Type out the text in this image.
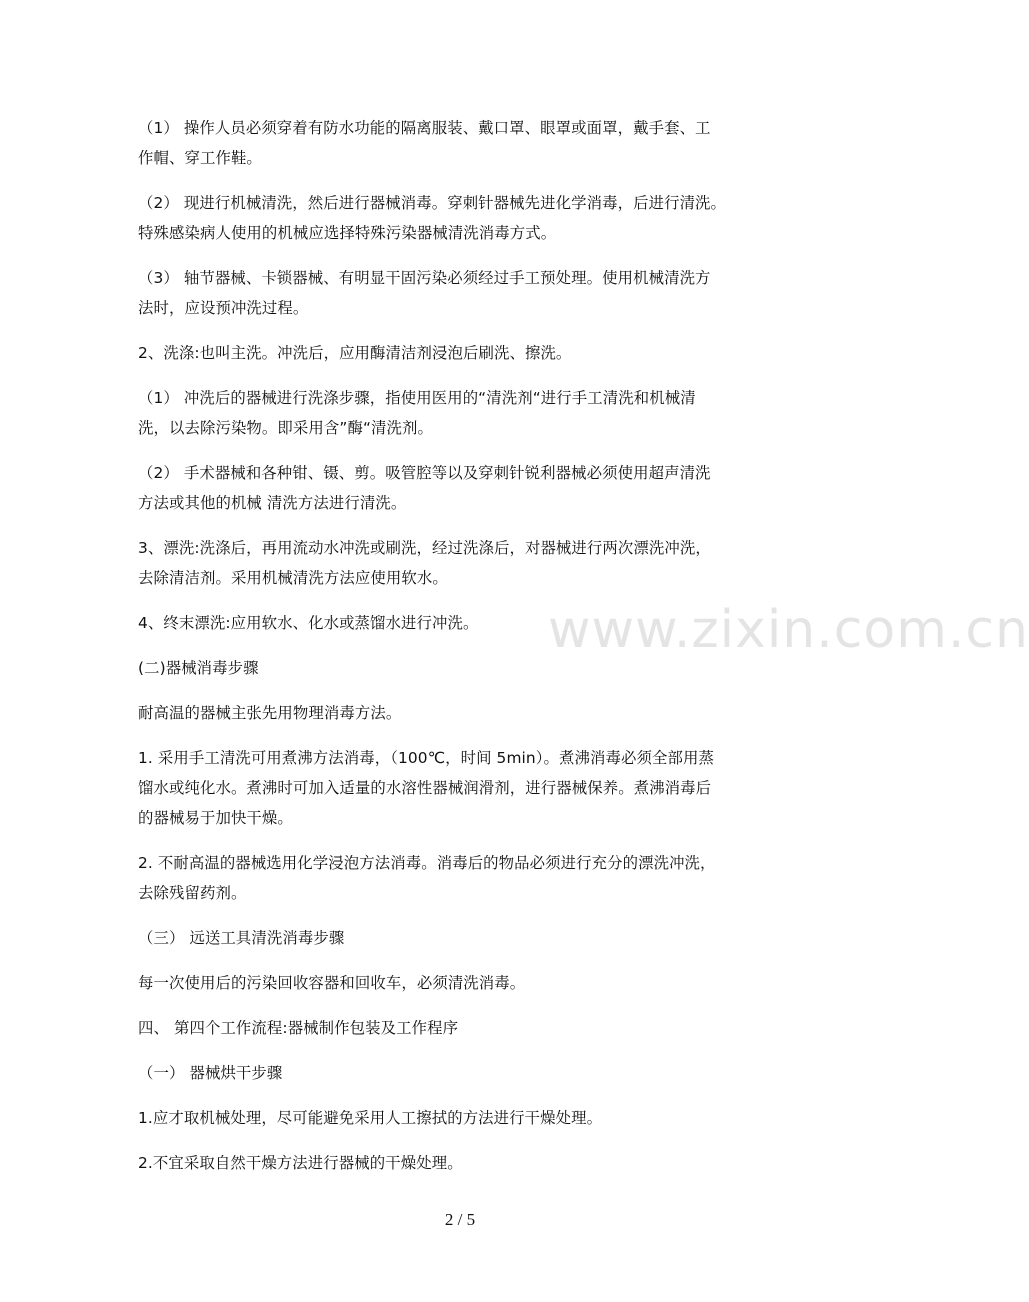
www.zixin.com.cn
（1） 操作人员必须穿着有防水功能的隔离服装、戴口罩、眼罩或面罩，戴手套、工
作帽、穿工作鞋。
（2） 现进行机械清洗，然后进行器械消毒。穿刺针器械先进化学消毒，后进行清洗。
特殊感染病人使用的机械应选择特殊污染器械清洗消毒方式。
（3） 轴节器械、卡锁器械、有明显干固污染必须经过手工预处理。使用机械清洗方
法时，应设预冲洗过程。
2、洗涤:也叫主洗。冲洗后，应用酶清洁剂浸泡后刷洗、擦洗。
（1） 冲洗后的器械进行洗涤步骤，指使用医用的“清洗剂“进行手工清洗和机械清
洗，以去除污染物。即采用含”酶“清洗剂。
（2） 手术器械和各种钳、镊、剪。吸管腔等以及穿刺针锐利器械必须使用超声清洗
方法或其他的机械 清洗方法进行清洗。
3、漂洗:洗涤后，再用流动水冲洗或刷洗，经过洗涤后，对器械进行两次漂洗冲洗，
去除清洁剂。采用机械清洗方法应使用软水。
4、终末漂洗:应用软水、化水或蒸馏水进行冲洗。
(二)器械消毒步骤
耐高温的器械主张先用物理消毒方法。
1. 采用手工清洗可用煮沸方法消毒，（100℃，时间 5min）。煮沸消毒必须全部用蒸
馏水或纯化水。煮沸时可加入适量的水溶性器械润滑剂，进行器械保养。煮沸消毒后
的器械易于加快干燥。
2. 不耐高温的器械选用化学浸泡方法消毒。消毒后的物品必须进行充分的漂洗冲洗，
去除残留药剂。
（三） 远送工具清洗消毒步骤
每一次使用后的污染回收容器和回收车，必须清洗消毒。
四、 第四个工作流程:器械制作包装及工作程序
（一） 器械烘干步骤
1.应才取机械处理，尽可能避免采用人工擦拭的方法进行干燥处理。
2.不宜采取自然干燥方法进行器械的干燥处理。
2 / 5
